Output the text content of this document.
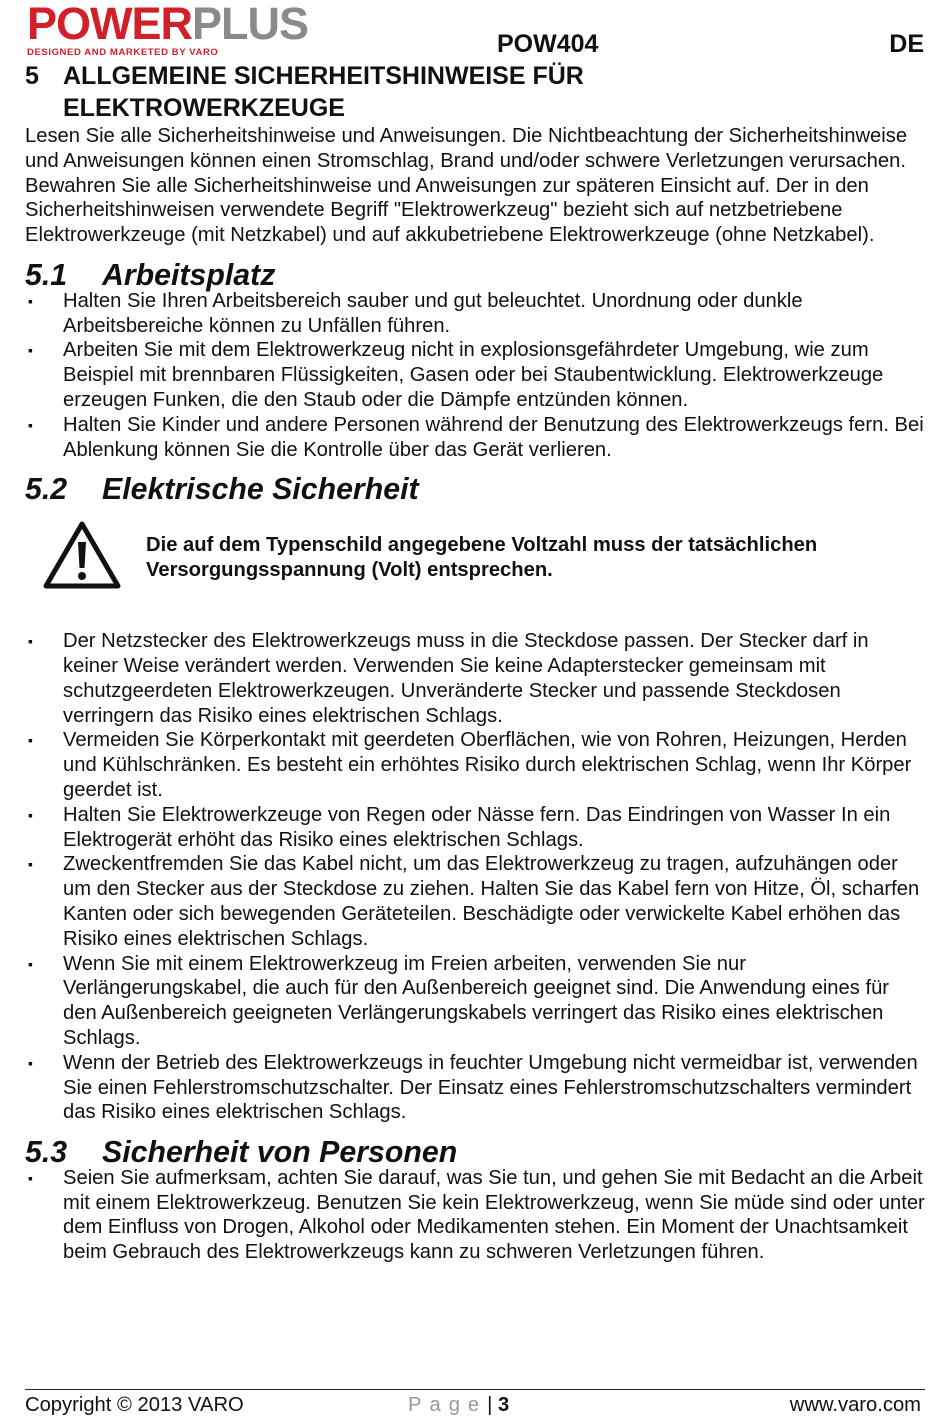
POWERPLUS
DESIGNED AND MARKETED BY VARO	POW404	DE
5 ALLGEMEINE SICHERHEITSHINWEISE FÜR
ELEKTROWERKZEUGE

Lesen Sie alle Sicherheitshinweise und Anweisungen. Die Nichtbeachtung der Sicherheitshinweise und Anweisungen können einen Stromschlag, Brand und/oder schwere Verletzungen verursachen. Bewahren Sie alle Sicherheitshinweise und Anweisungen zur späteren Einsicht auf. Der in den Sicherheitshinweisen verwendete Begriff "Elektrowerkzeug" bezieht sich auf netzbetriebene Elektrowerkzeuge (mit Netzkabel) und auf akkubetriebene Elektrowerkzeuge (ohne Netzkabel).

5.1 Arbeitsplatz
▪ Halten Sie Ihren Arbeitsbereich sauber und gut beleuchtet. Unordnung oder dunkle Arbeitsbereiche können zu Unfällen führen.
▪ Arbeiten Sie mit dem Elektrowerkzeug nicht in explosionsgefährdeter Umgebung, wie zum Beispiel mit brennbaren Flüssigkeiten, Gasen oder bei Staubentwicklung. Elektrowerkzeuge erzeugen Funken, die den Staub oder die Dämpfe entzünden können.
▪ Halten Sie Kinder und andere Personen während der Benutzung des Elektrowerkzeugs fern. Bei Ablenkung können Sie die Kontrolle über das Gerät verlieren.
5.2 Elektrische Sicherheit
Die auf dem Typenschild angegebene Voltzahl muss der tatsächlichen Versorgungsspannung (Volt) entsprechen.
▪ Der Netzstecker des Elektrowerkzeugs muss in die Steckdose passen. Der Stecker darf in keiner Weise verändert werden. Verwenden Sie keine Adapterstecker gemeinsam mit schutzgeerdeten Elektrowerkzeugen. Unveränderte Stecker und passende Steckdosen verringern das Risiko eines elektrischen Schlags.
▪ Vermeiden Sie Körperkontakt mit geerdeten Oberflächen, wie von Rohren, Heizungen, Herden und Kühlschränken. Es besteht ein erhöhtes Risiko durch elektrischen Schlag, wenn Ihr Körper geerdet ist.
▪ Halten Sie Elektrowerkzeuge von Regen oder Nässe fern. Das Eindringen von Wasser In ein Elektrogerät erhöht das Risiko eines elektrischen Schlags.
▪ Zweckentfremden Sie das Kabel nicht, um das Elektrowerkzeug zu tragen, aufzuhängen oder um den Stecker aus der Steckdose zu ziehen. Halten Sie das Kabel fern von Hitze, Öl, scharfen Kanten oder sich bewegenden Geräteteilen. Beschädigte oder verwickelte Kabel erhöhen das Risiko eines elektrischen Schlags.
▪ Wenn Sie mit einem Elektrowerkzeug im Freien arbeiten, verwenden Sie nur Verlängerungskabel, die auch für den Außenbereich geeignet sind. Die Anwendung eines für den Außenbereich geeigneten Verlängerungskabels verringert das Risiko eines elektrischen Schlags.
▪ Wenn der Betrieb des Elektrowerkzeugs in feuchter Umgebung nicht vermeidbar ist, verwenden Sie einen Fehlerstromschutzschalter. Der Einsatz eines Fehlerstromschutzschalters vermindert das Risiko eines elektrischen Schlags.
5.3 Sicherheit von Personen
▪ Seien Sie aufmerksam, achten Sie darauf, was Sie tun, und gehen Sie mit Bedacht an die Arbeit mit einem Elektrowerkzeug. Benutzen Sie kein Elektrowerkzeug, wenn Sie müde sind oder unter dem Einfluss von Drogen, Alkohol oder Medikamenten stehen. Ein Moment der Unachtsamkeit beim Gebrauch des Elektrowerkzeugs kann zu schweren Verletzungen führen.
Copyright © 2013 VARO	Page| 3	www.varo.com
